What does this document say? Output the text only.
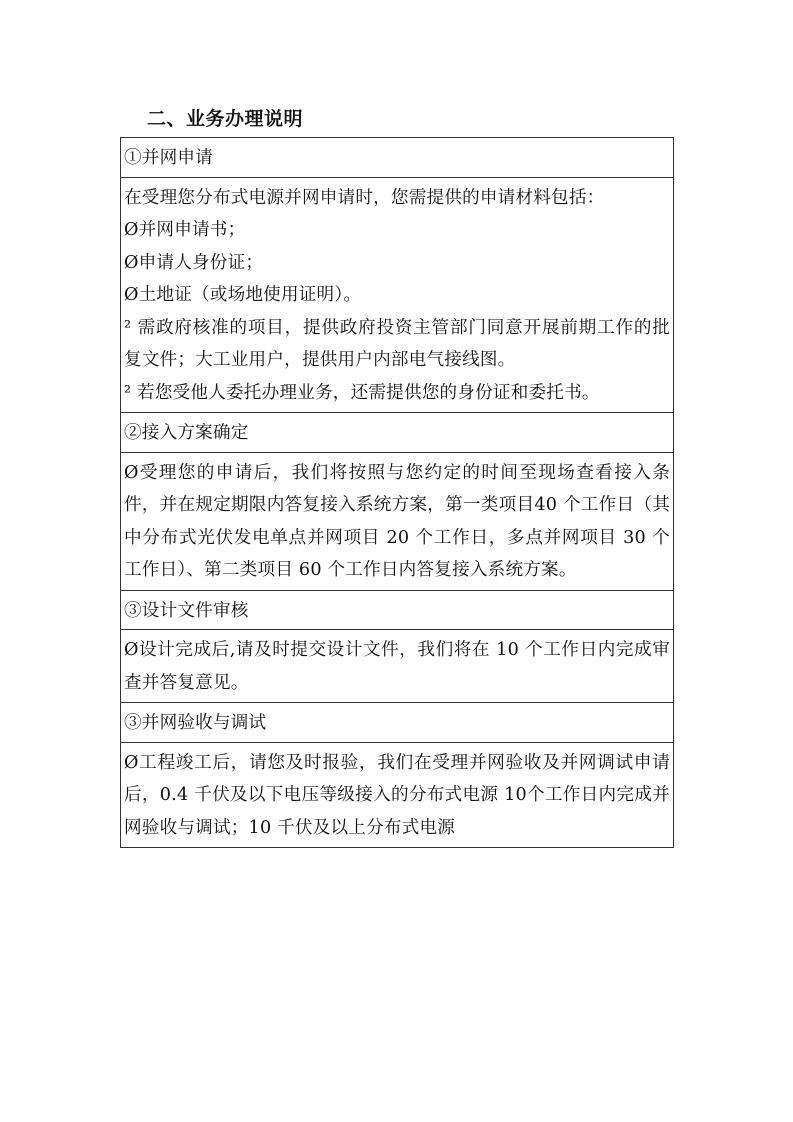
二、业务办理说明
①并网申请
在受理您分布式电源并网申请时，您需提供的申请材料包括：
Ø并网申请书；
Ø申请人身份证；
Ø土地证（或场地使用证明）。
² 需政府核准的项目，提供政府投资主管部门同意开展前期工作的批复文件；大工业用户，提供用户内部电气接线图。
² 若您受他人委托办理业务，还需提供您的身份证和委托书。
②接入方案确定
Ø受理您的申请后，我们将按照与您约定的时间至现场查看接入条件，并在规定期限内答复接入系统方案，第一类项目40 个工作日（其中分布式光伏发电单点并网项目 20 个工作日，多点并网项目 30 个工作日）、第二类项目 60 个工作日内答复接入系统方案。
③设计文件审核
Ø设计完成后,请及时提交设计文件，我们将在 10 个工作日内完成审查并答复意见。
③并网验收与调试
Ø工程竣工后，请您及时报验，我们在受理并网验收及并网调试申请后，0.4 千伏及以下电压等级接入的分布式电源 10个工作日内完成并网验收与调试；10 千伏及以上分布式电源
